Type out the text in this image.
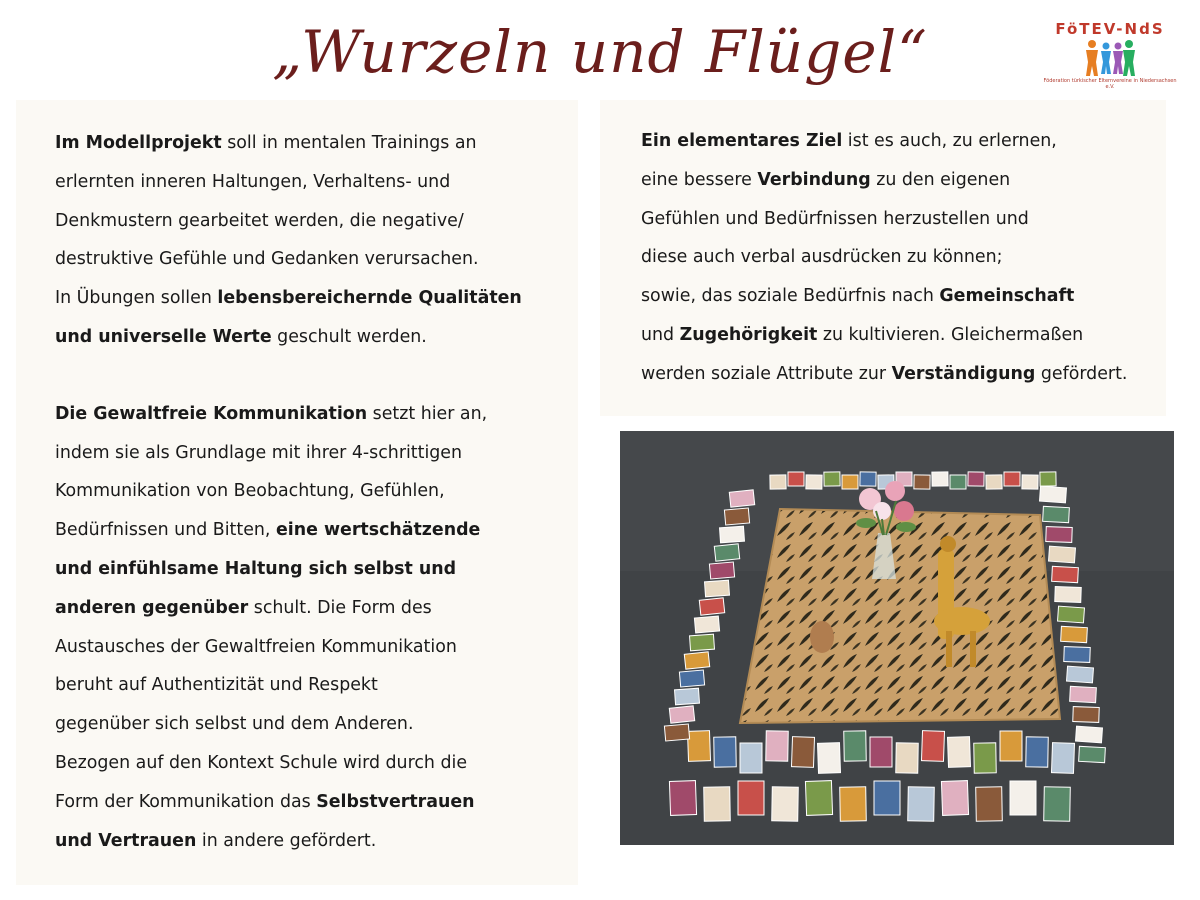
„Wurzeln und Flügel“	FöTEV-NdS
Föderation türkischer Elternvereine in Niedersachsen e.V.
Im Modellprojekt soll in mentalen Trainings an
erlernten inneren Haltungen, Verhaltens- und
Denkmustern gearbeitet werden, die negative/
destruktive Gefühle und Gedanken verursachen.
In Übungen sollen lebensbereichernde Qualitäten
und universelle Werte geschult werden.
Die Gewaltfreie Kommunikation setzt hier an,
indem sie als Grundlage mit ihrer 4-schrittigen
Kommunikation von Beobachtung, Gefühlen,
Bedürfnissen und Bitten, eine wertschätzende
und einfühlsame Haltung sich selbst und
anderen gegenüber schult. Die Form des
Austausches der Gewaltfreien Kommunikation
beruht auf Authentizität und Respekt
gegenüber sich selbst und dem Anderen.
Bezogen auf den Kontext Schule wird durch die
Form der Kommunikation das Selbstvertrauen
und Vertrauen in andere gefördert.
Ein elementares Ziel ist es auch, zu erlernen,
eine bessere Verbindung zu den eigenen
Gefühlen und Bedürfnissen herzustellen und
diese auch verbal ausdrücken zu können;
sowie, das soziale Bedürfnis nach Gemeinschaft
und Zugehörigkeit zu kultivieren. Gleichermaßen
werden soziale Attribute zur Verständigung gefördert.
